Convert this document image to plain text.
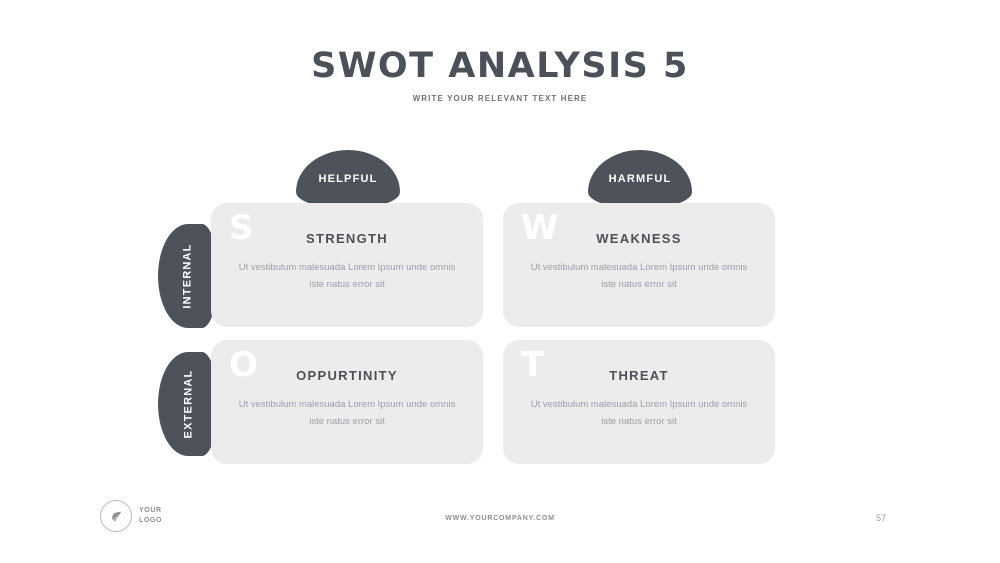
SWOT ANALYSIS 5
WRITE YOUR RELEVANT TEXT HERE
HELPFUL	HARMFUL
INTERNAL
EXTERNAL
S	STRENGTH
Ut vestibulum malesuada Lorem Ipsum unde omnis iste natus error sit
W	WEAKNESS
Ut vestibulum malesuada Lorem Ipsum unde omnis iste natus error sit
O	OPPURTINITY
Ut vestibulum malesuada Lorem Ipsum unde omnis iste natus error sit
T	THREAT
Ut vestibulum malesuada Lorem Ipsum unde omnis iste natus error sit
YOUR
LOGO	WWW.YOURCOMPANY.COM	57
